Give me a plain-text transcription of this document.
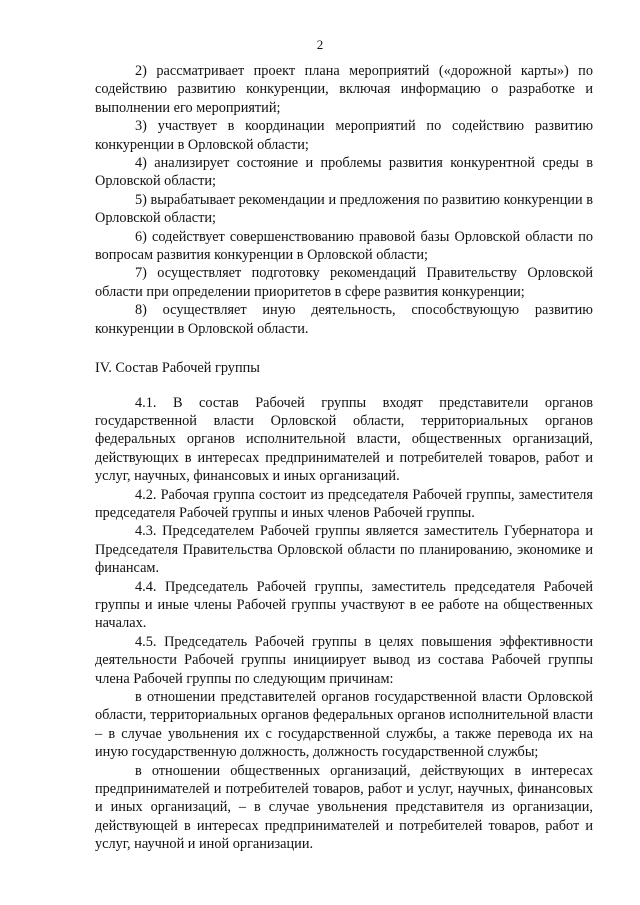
2

2) рассматривает проект плана мероприятий («дорожной карты») по содействию развитию конкуренции, включая информацию о разработке и выполнении его мероприятий;

3) участвует в координации мероприятий по содействию развитию конкуренции в Орловской области;

4) анализирует состояние и проблемы развития конкурентной среды в Орловской области;

5) вырабатывает рекомендации и предложения по развитию конкуренции в Орловской области;

6) содействует совершенствованию правовой базы Орловской области по вопросам развития конкуренции в Орловской области;

7) осуществляет подготовку рекомендаций Правительству Орловской области при определении приоритетов в сфере развития конкуренции;

8) осуществляет иную деятельность, способствующую развитию конкуренции в Орловской области.

IV. Состав Рабочей группы

4.1. В состав Рабочей группы входят представители органов государственной власти Орловской области, территориальных органов федеральных органов исполнительной власти, общественных организаций, действующих в интересах предпринимателей и потребителей товаров, работ и услуг, научных, финансовых и иных организаций.

4.2. Рабочая группа состоит из председателя Рабочей группы, заместителя председателя Рабочей группы и иных членов Рабочей группы.

4.3. Председателем Рабочей группы является заместитель Губернатора и Председателя Правительства Орловской области по планированию, экономике и финансам.

4.4. Председатель Рабочей группы, заместитель председателя Рабочей группы и иные члены Рабочей группы участвуют в ее работе на общественных началах.

4.5. Председатель Рабочей группы в целях повышения эффективности деятельности Рабочей группы инициирует вывод из состава Рабочей группы члена Рабочей группы по следующим причинам:

в отношении представителей органов государственной власти Орловской области, территориальных органов федеральных органов исполнительной власти – в случае увольнения их с государственной службы, а также перевода их на иную государственную должность, должность государственной службы;

в отношении общественных организаций, действующих в интересах предпринимателей и потребителей товаров, работ и услуг, научных, финансовых и иных организаций, – в случае увольнения представителя из организации, действующей в интересах предпринимателей и потребителей товаров, работ и услуг, научной и иной организации.
